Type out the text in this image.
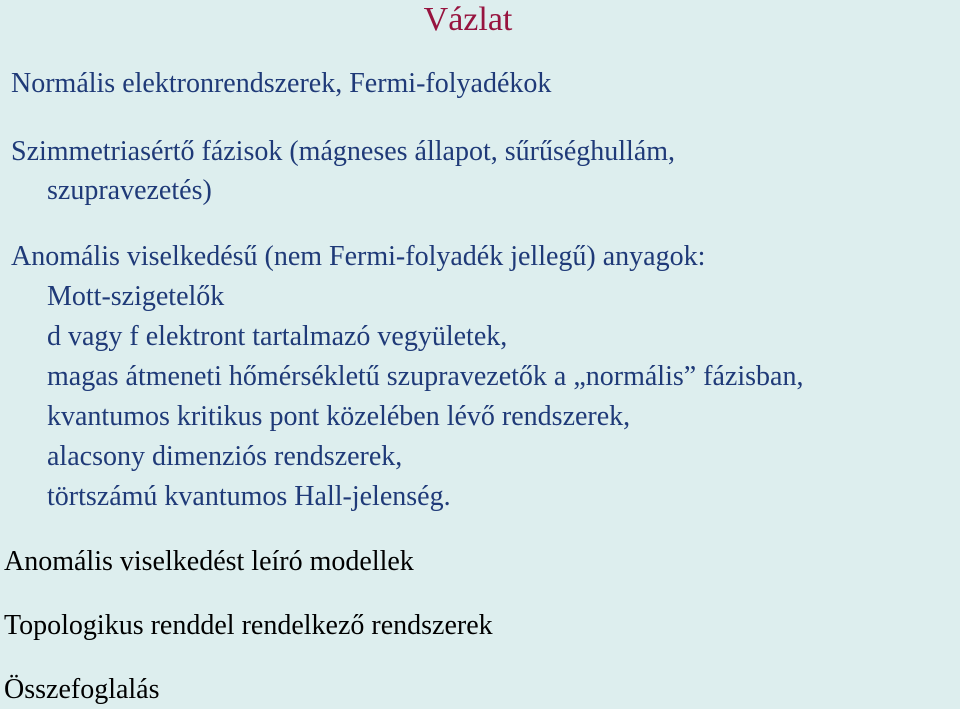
Vázlat

Normális elektronrendszerek, Fermi-folyadékok

Szimmetriasértő fázisok (mágneses állapot, sűrűséghullám,

szupravezetés)

Anomális viselkedésű (nem Fermi-folyadék jellegű) anyagok:

Mott-szigetelők

d vagy f elektront tartalmazó vegyületek,

magas átmeneti hőmérsékletű szupravezetők a „normális” fázisban,

kvantumos kritikus pont közelében lévő rendszerek,

alacsony dimenziós rendszerek,

törtszámú kvantumos Hall-jelenség.

Anomális viselkedést leíró modellek

Topologikus renddel rendelkező rendszerek

Összefoglalás
